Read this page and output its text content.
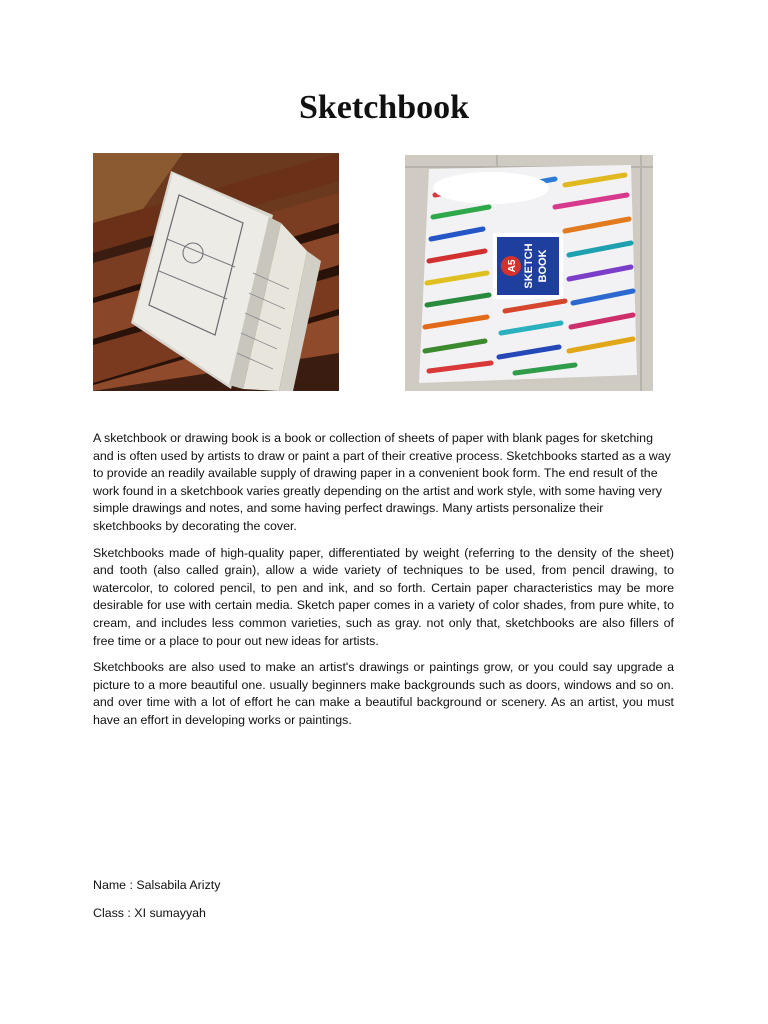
Sketchbook
A5 SKETCH BOOK

A sketchbook or drawing book is a book or collection of sheets of paper with blank pages for sketching and is often used by artists to draw or paint a part of their creative process. Sketchbooks started as a way to provide an readily available supply of drawing paper in a convenient book form. The end result of the work found in a sketchbook varies greatly depending on the artist and work style, with some having very simple drawings and notes, and some having perfect drawings. Many artists personalize their sketchbooks by decorating the cover.

Sketchbooks made of high-quality paper, differentiated by weight (referring to the density of the sheet) and tooth (also called grain), allow a wide variety of techniques to be used, from pencil drawing, to watercolor, to colored pencil, to pen and ink, and so forth. Certain paper characteristics may be more desirable for use with certain media. Sketch paper comes in a variety of color shades, from pure white, to cream, and includes less common varieties, such as gray. not only that, sketchbooks are also fillers of free time or a place to pour out new ideas for artists.

Sketchbooks are also used to make an artist's drawings or paintings grow, or you could say upgrade a picture to a more beautiful one. usually beginners make backgrounds such as doors, windows and so on. and over time with a lot of effort he can make a beautiful background or scenery. As an artist, you must have an effort in developing works or paintings.

Name : Salsabila Arizty

Class : XI sumayyah
